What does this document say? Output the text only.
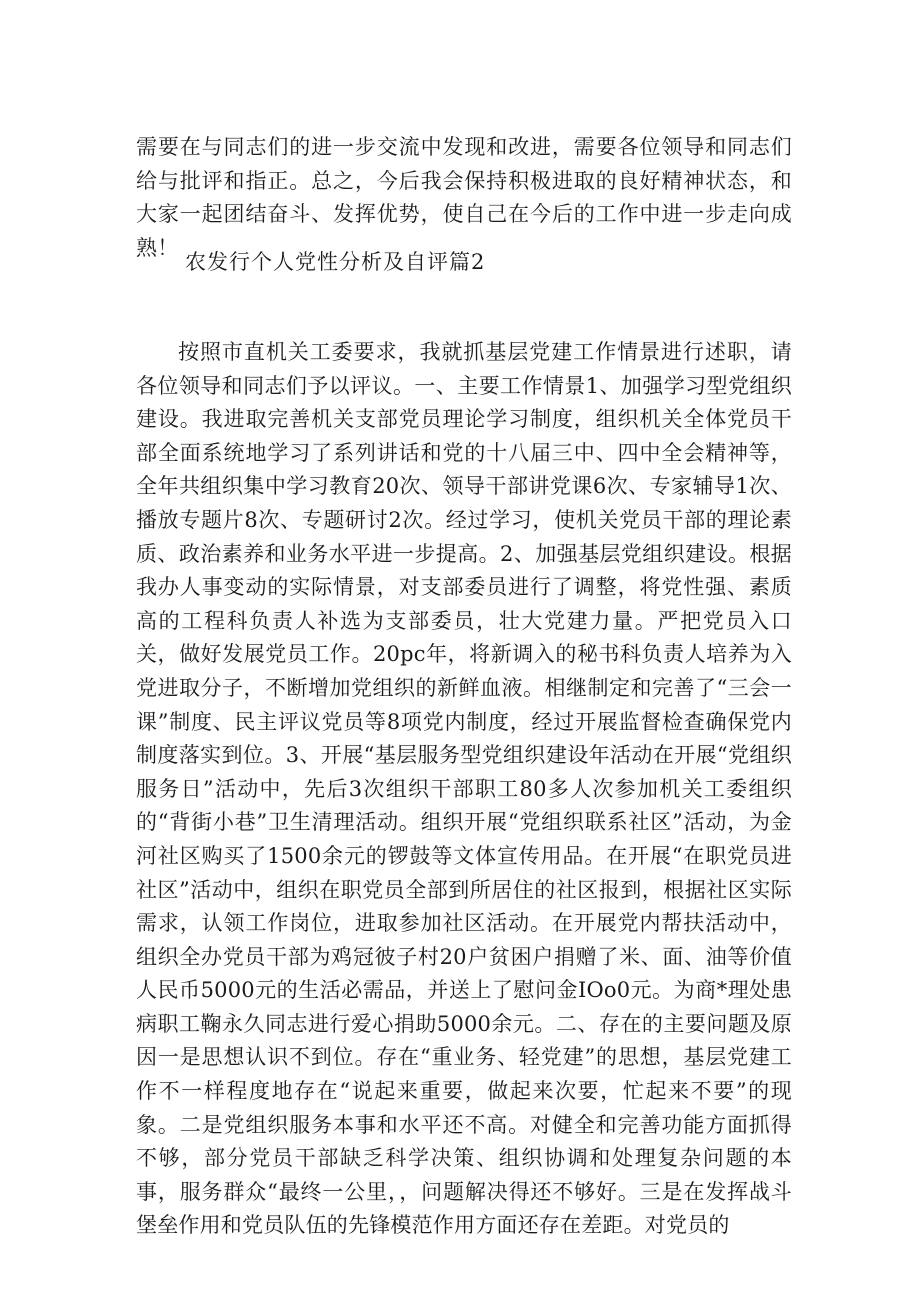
需要在与同志们的进一步交流中发现和改进，需要各位领导和同志们给与批评和指正。总之，今后我会保持积极进取的良好精神状态，和大家一起团结奋斗、发挥优势，使自己在今后的工作中进一步走向成熟！

农发行个人党性分析及自评篇2

按照市直机关工委要求，我就抓基层党建工作情景进行述职，请各位领导和同志们予以评议。一、主要工作情景1、加强学习型党组织建设。我进取完善机关支部党员理论学习制度，组织机关全体党员干部全面系统地学习了系列讲话和党的十八届三中、四中全会精神等，全年共组织集中学习教育20次、领导干部讲党课6次、专家辅导1次、播放专题片8次、专题研讨2次。经过学习，使机关党员干部的理论素质、政治素养和业务水平进一步提高。2、加强基层党组织建设。根据我办人事变动的实际情景，对支部委员进行了调整，将党性强、素质高的工程科负责人补选为支部委员，壮大党建力量。严把党员入口关，做好发展党员工作。20pc年，将新调入的秘书科负责人培养为入党进取分子，不断增加党组织的新鲜血液。相继制定和完善了“三会一课”制度、民主评议党员等8项党内制度，经过开展监督检查确保党内制度落实到位。3、开展“基层服务型党组织建设年活动在开展“党组织服务日”活动中，先后3次组织干部职工80多人次参加机关工委组织的“背街小巷”卫生清理活动。组织开展“党组织联系社区”活动，为金河社区购买了1500余元的锣鼓等文体宣传用品。在开展“在职党员进社区”活动中，组织在职党员全部到所居住的社区报到，根据社区实际需求，认领工作岗位，进取参加社区活动。在开展党内帮扶活动中，组织全办党员干部为鸡冠彼子村20户贫困户捐赠了米、面、油等价值人民币5000元的生活必需品，并送上了慰问金IOo0元。为商*理处患病职工鞠永久同志进行爱心捐助5000余元。二、存在的主要问题及原因一是思想认识不到位。存在“重业务、轻党建”的思想，基层党建工作不一样程度地存在“说起来重要，做起来次要，忙起来不要”的现象。二是党组织服务本事和水平还不高。对健全和完善功能方面抓得不够，部分党员干部缺乏科学决策、组织协调和处理复杂问题的本事，服务群众“最终一公里，，问题解决得还不够好。三是在发挥战斗堡垒作用和党员队伍的先锋模范作用方面还存在差距。对党员的
